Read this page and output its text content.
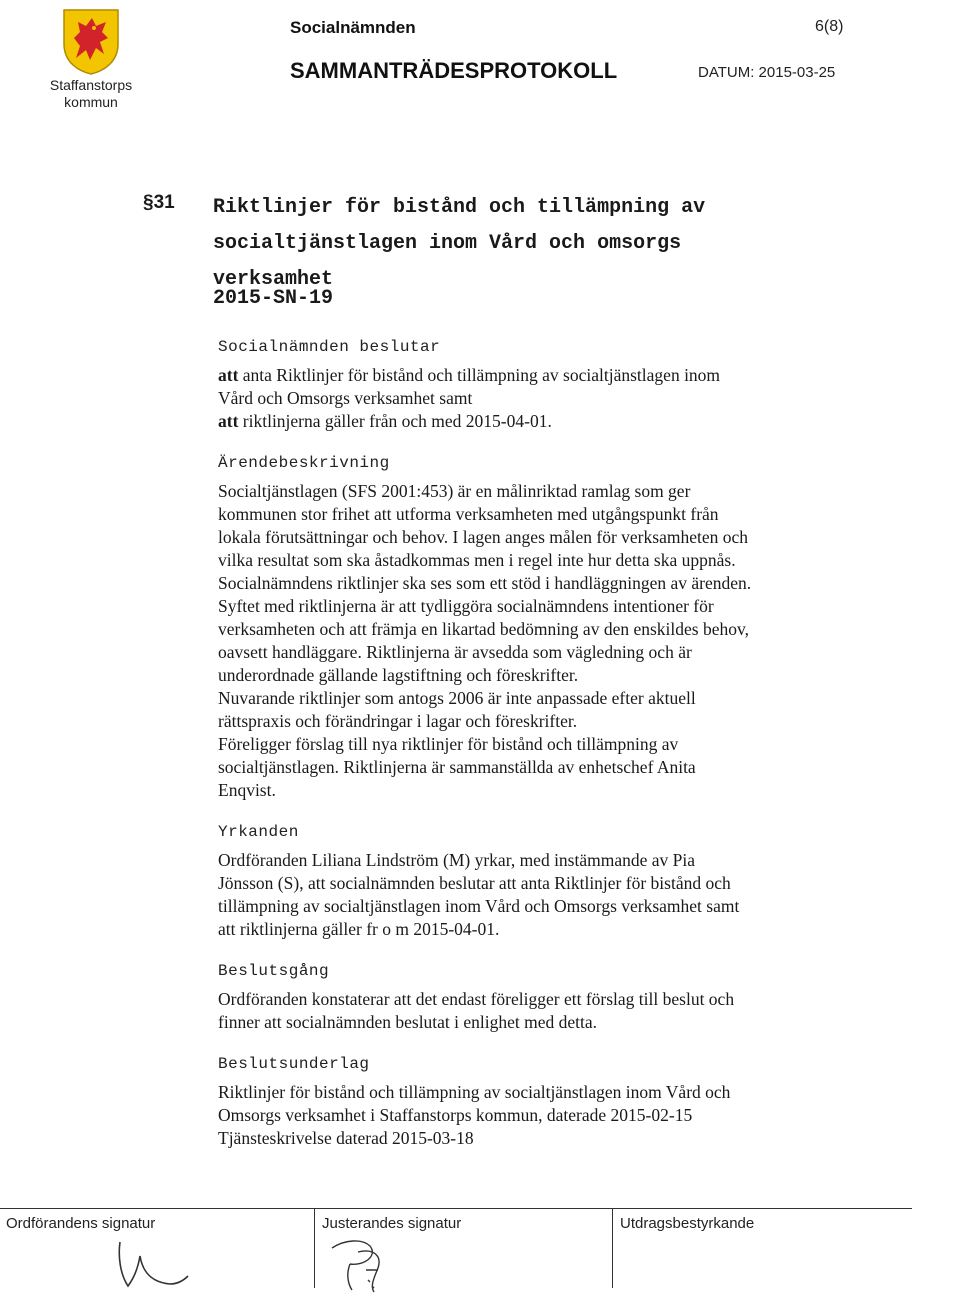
Staffanstorps
kommun
Socialnämnden	6(8)
SAMMANTRÄDESPROTOKOLL	DATUM: 2015-03-25
§31 Riktlinjer för bistånd och tillämpning av
socialtjänstlagen inom Vård och omsorgs
verksamhet
2015-SN-19
Socialnämnden beslutar
att anta Riktlinjer för bistånd och tillämpning av socialtjänstlagen inom
Vård och Omsorgs verksamhet samt
att riktlinjerna gäller från och med 2015-04-01.
Ärendebeskrivning
Socialtjänstlagen (SFS 2001:453) är en målinriktad ramlag som ger
kommunen stor frihet att utforma verksamheten med utgångspunkt från
lokala förutsättningar och behov. I lagen anges målen för verksamheten och
vilka resultat som ska åstadkommas men i regel inte hur detta ska uppnås.
Socialnämndens riktlinjer ska ses som ett stöd i handläggningen av ärenden.
Syftet med riktlinjerna är att tydliggöra socialnämndens intentioner för
verksamheten och att främja en likartad bedömning av den enskildes behov,
oavsett handläggare. Riktlinjerna är avsedda som vägledning och är
underordnade gällande lagstiftning och föreskrifter.
Nuvarande riktlinjer som antogs 2006 är inte anpassade efter aktuell
rättspraxis och förändringar i lagar och föreskrifter.
Föreligger förslag till nya riktlinjer för bistånd och tillämpning av
socialtjänstlagen. Riktlinjerna är sammanställda av enhetschef Anita
Enqvist.
Yrkanden
Ordföranden Liliana Lindström (M) yrkar, med instämmande av Pia
Jönsson (S), att socialnämnden beslutar att anta Riktlinjer för bistånd och
tillämpning av socialtjänstlagen inom Vård och Omsorgs verksamhet samt
att riktlinjerna gäller fr o m 2015-04-01.
Beslutsgång
Ordföranden konstaterar att det endast föreligger ett förslag till beslut och
finner att socialnämnden beslutat i enlighet med detta.
Beslutsunderlag
Riktlinjer för bistånd och tillämpning av socialtjänstlagen inom Vård och
Omsorgs verksamhet i Staffanstorps kommun, daterade 2015-02-15
Tjänsteskrivelse daterad 2015-03-18
Ordförandens signatur	Justerandes signatur	Utdragsbestyrkande
